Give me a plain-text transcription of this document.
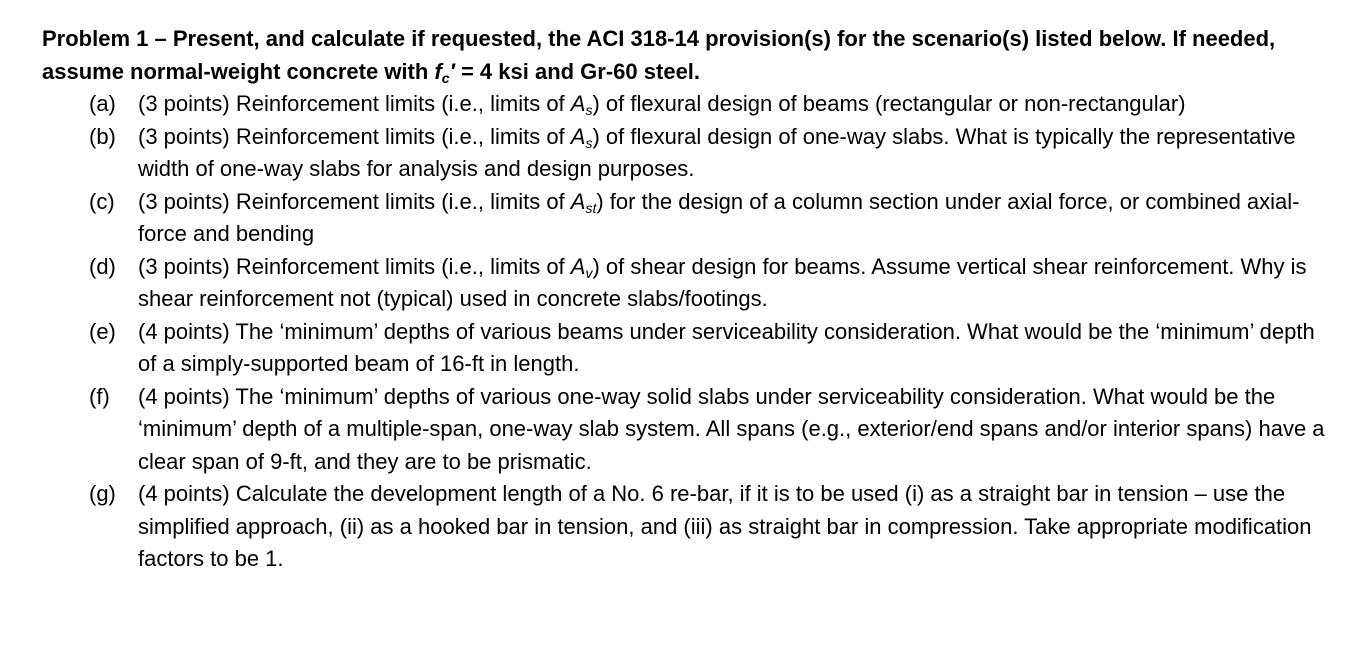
Problem 1 – Present, and calculate if requested, the ACI 318-14 provision(s) for the scenario(s) listed below. If needed, assume normal-weight concrete with $f_c' = 4$ ksi and Gr-60 steel.

(a) (3 points) Reinforcement limits (i.e., limits of $A_s$) of flexural design of beams (rectangular or non-rectangular)
(b) (3 points) Reinforcement limits (i.e., limits of $A_s$) of flexural design of one-way slabs. What is typically the representative width of one-way slabs for analysis and design purposes.
(c) (3 points) Reinforcement limits (i.e., limits of $A_{st}$) for the design of a column section under axial force, or combined axial-force and bending
(d) (3 points) Reinforcement limits (i.e., limits of $A_v$) of shear design for beams. Assume vertical shear reinforcement. Why is shear reinforcement not (typical) used in concrete slabs/footings.
(e) (4 points) The ‘minimum’ depths of various beams under serviceability consideration. What would be the ‘minimum’ depth of a simply-supported beam of 16-ft in length.
(f) (4 points) The ‘minimum’ depths of various one-way solid slabs under serviceability consideration. What would be the ‘minimum’ depth of a multiple-span, one-way slab system. All spans (e.g., exterior/end spans and/or interior spans) have a clear span of 9-ft, and they are to be prismatic.
(g) (4 points) Calculate the development length of a No. 6 re-bar, if it is to be used (i) as a straight bar in tension – use the simplified approach, (ii) as a hooked bar in tension, and (iii) as straight bar in compression. Take appropriate modification factors to be 1.
